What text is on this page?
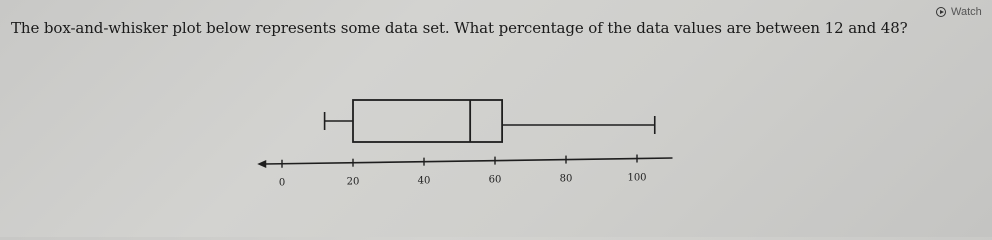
Watch
The box-and-whisker plot below represents some data set. What percentage of the data values are between 12 and 48?
0	20	40	60	80	100
